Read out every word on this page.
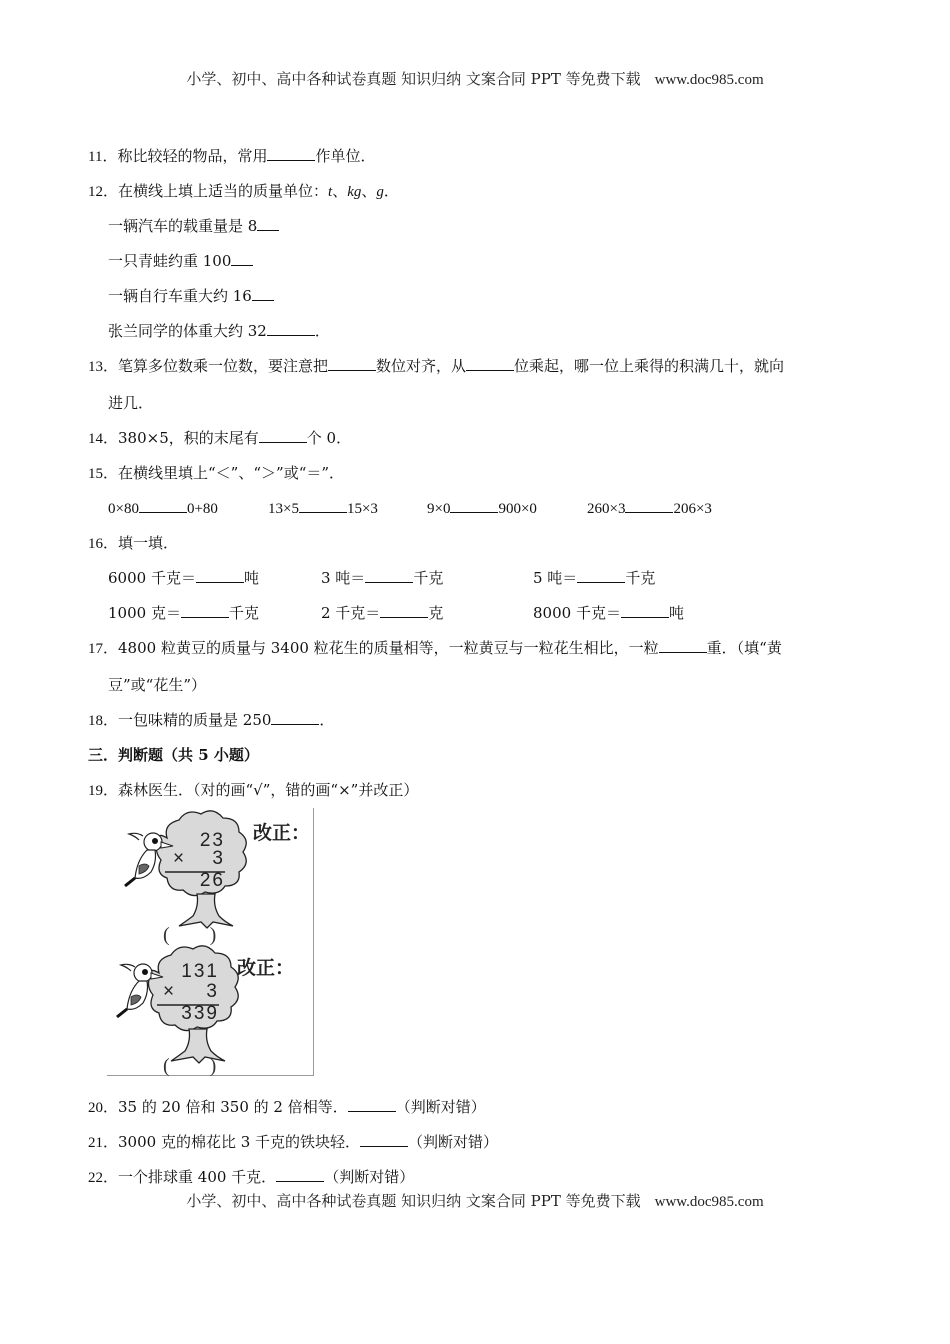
小学、初中、高中各种试卷真题 知识归纳 文案合同 PPT 等免费下载 www.doc985.com
11．称比较轻的物品，常用	作单位．
12．在横线上填上适当的质量单位：t、kg、g．
一辆汽车的载重量是 8
一只青蛙约重 100
一辆自行车重大约 16
张兰同学的体重大约 32	．
13．笔算多位数乘一位数，要注意把	数位对齐，从	位乘起，哪一位上乘得的积满几十，就向
进几．
14．380×5，积的末尾有	个 0．
15．在横线里填上“＜”、“＞”或“＝”．
0×80	0+80	13×5	15×3	9×0	900×0	260×3	206×3
16．填一填．
6000 千克＝	吨	3 吨＝	千克	5 吨＝	千克
1000 克＝	千克	2 千克＝	克	8000 千克＝	吨
17．4800 粒黄豆的质量与 3400 粒花生的质量相等，一粒黄豆与一粒花生相比，一粒	重．（填“黄
豆”或“花生”）
18．一包味精的质量是 250	．
三．判断题（共 5 小题）
19．森林医生．（对的画“√”，错的画“×”并改正）
23
×	3
26
改正：
(　　)
131
×	3
339
改正：
(　　)
20．35 的 20 倍和 350 的 2 倍相等．	（判断对错）
21．3000 克的棉花比 3 千克的铁块轻．	（判断对错）
22．一个排球重 400 千克．	（判断对错）
小学、初中、高中各种试卷真题 知识归纳 文案合同 PPT 等免费下载 www.doc985.com
